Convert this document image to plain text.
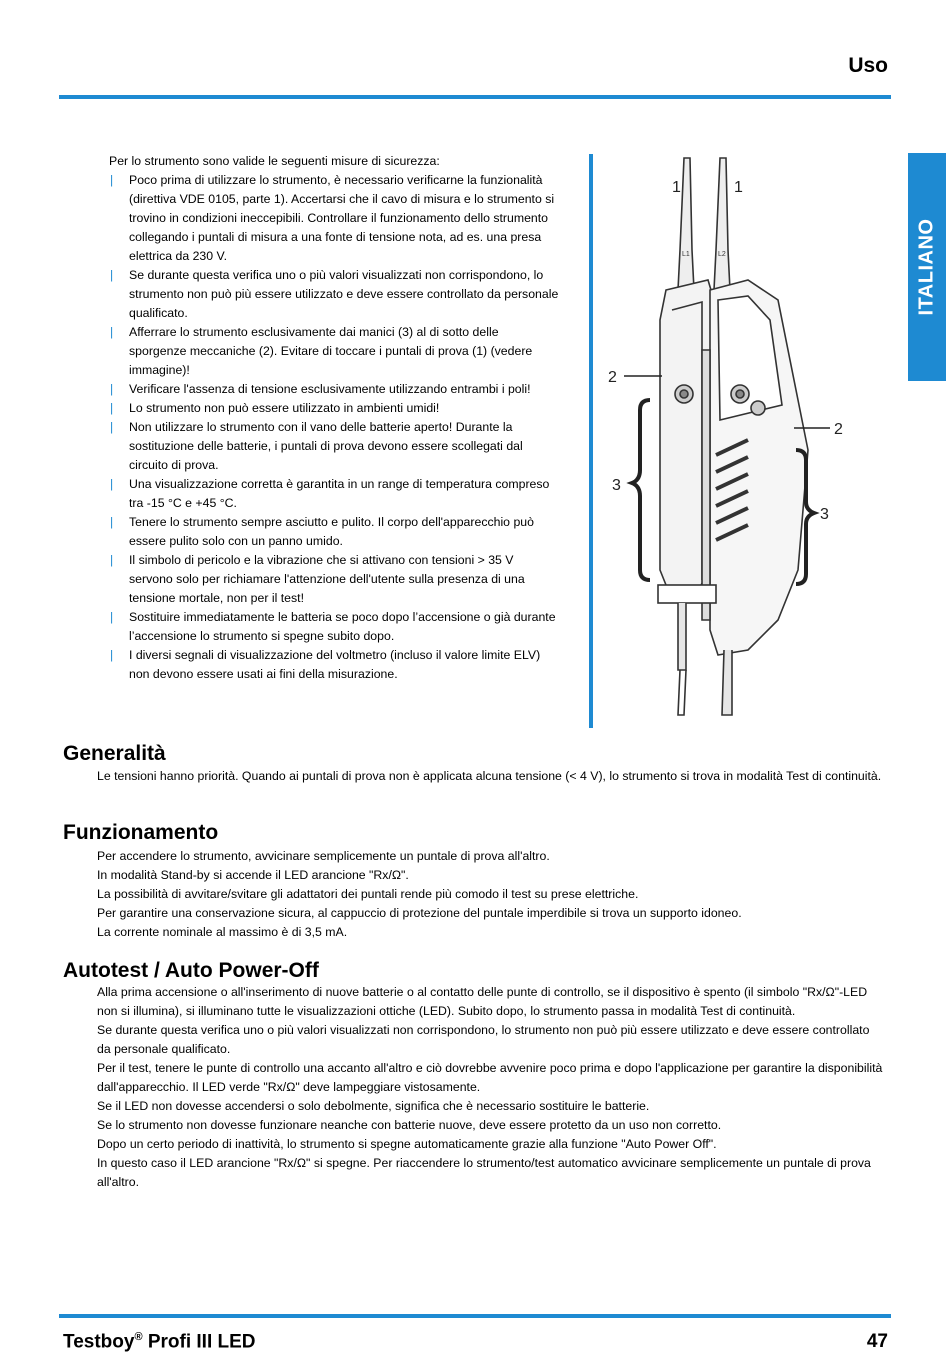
Uso
ITALIANO

Per lo strumento sono valide le seguenti misure di sicurezza:

| Poco prima di utilizzare lo strumento, è necessario verificarne la funzionalità (direttiva VDE 0105, parte 1). Accertarsi che il cavo di misura e lo strumento si trovino in condizioni ineccepibili. Controllare il funzionamento dello strumento collegando i puntali di misura a una fonte di tensione nota, ad es. una presa elettrica da 230 V.
| Se durante questa verifica uno o più valori visualizzati non corrispondono, lo strumento non può più essere utilizzato e deve essere controllato da personale qualificato.
| Afferrare lo strumento esclusivamente dai manici (3) al di sotto delle sporgenze meccaniche (2). Evitare di toccare i puntali di prova (1) (vedere immagine)!
| Verificare l'assenza di tensione esclusivamente utilizzando entrambi i poli!
| Lo strumento non può essere utilizzato in ambienti umidi!
| Non utilizzare lo strumento con il vano delle batterie aperto! Durante la sostituzione delle batterie, i puntali di prova devono essere scollegati dal circuito di prova.
| Una visualizzazione corretta è garantita in un range di temperatura compreso tra -15 °C e +45 °C.
| Tenere lo strumento sempre asciutto e pulito. Il corpo dell'apparecchio può essere pulito solo con un panno umido.
| Il simbolo di pericolo e la vibrazione che si attivano con tensioni > 35 V servono solo per richiamare l'attenzione dell'utente sulla presenza di una tensione mortale, non per il test!
| Sostituire immediatamente le batteria se poco dopo l’accensione o già durante l’accensione lo strumento si spegne subito dopo.
| I diversi segnali di visualizzazione del voltmetro (incluso il valore limite ELV) non devono essere usati ai fini della misurazione.
1	1
2
2
3
3
L1	L2
Generalità

Le tensioni hanno priorità. Quando ai puntali di prova non è applicata alcuna tensione (< 4 V), lo strumento si trova in modalità Test di continuità.

Funzionamento

Per accendere lo strumento, avvicinare semplicemente un puntale di prova all'altro.

In modalità Stand-by si accende il LED arancione "Rx/Ω".

La possibilità di avvitare/svitare gli adattatori dei puntali rende più comodo il test su prese elettriche.

Per garantire una conservazione sicura, al cappuccio di protezione del puntale imperdibile si trova un supporto idoneo.

La corrente nominale al massimo è di 3,5 mA.

Autotest / Auto Power-Off

Alla prima accensione o all'inserimento di nuove batterie o al contatto delle punte di controllo, se il dispositivo è spento (il simbolo "Rx/Ω"-LED non si illumina), si illuminano tutte le visualizzazioni ottiche (LED). Subito dopo, lo strumento passa in modalità Test di continuità.

Se durante questa verifica uno o più valori visualizzati non corrispondono, lo strumento non può più essere utilizzato e deve essere controllato da personale qualificato.

Per il test, tenere le punte di controllo una accanto all'altro e ciò dovrebbe avvenire poco prima e dopo l'applicazione per garantire la disponibilità dall'apparecchio. Il LED verde "Rx/Ω" deve lampeggiare vistosamente.

Se il LED non dovesse accendersi o solo debolmente, significa che è necessario sostituire le batterie.

Se lo strumento non dovesse funzionare neanche con batterie nuove, deve essere protetto da un uso non corretto.

Dopo un certo periodo di inattività, lo strumento si spegne automaticamente grazie alla funzione "Auto Power Off".

In questo caso il LED arancione "Rx/Ω" si spegne. Per riaccendere lo strumento/test automatico avvicinare semplicemente un puntale di prova all'altro.

Testboy® Profi III LED	47
